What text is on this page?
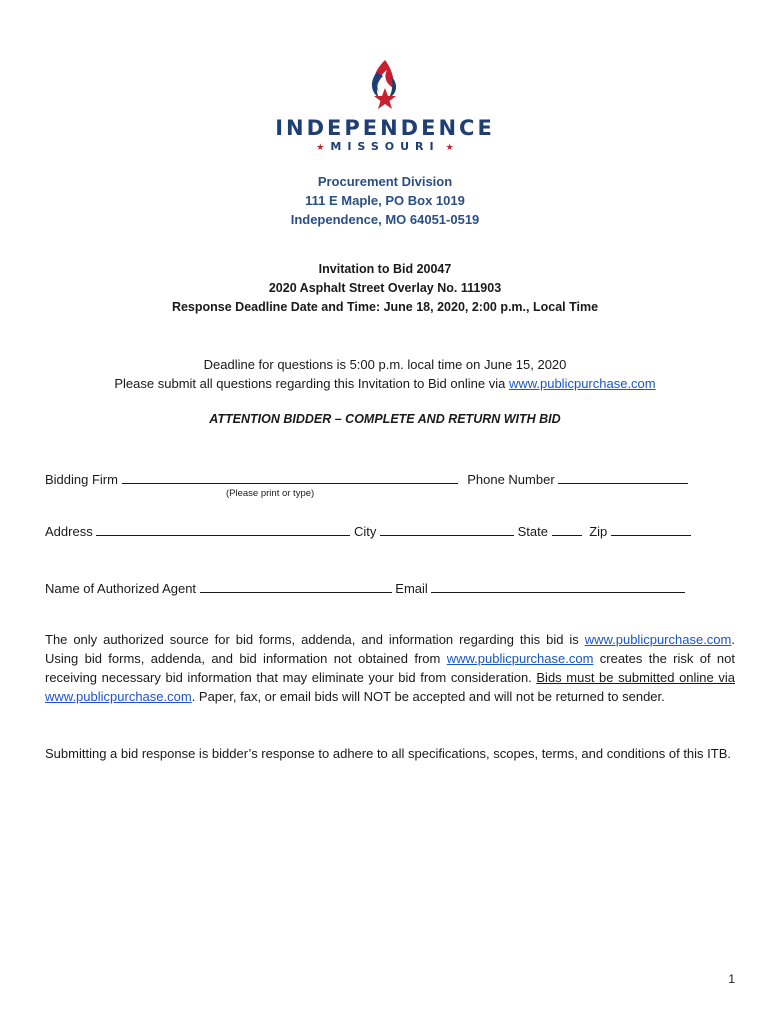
INDEPENDENCE
★ MISSOURI ★
Procurement Division
111 E Maple, PO Box 1019
Independence, MO 64051-0519
Invitation to Bid 20047
2020 Asphalt Street Overlay No. 111903
Response Deadline Date and Time: June 18, 2020, 2:00 p.m., Local Time
Deadline for questions is 5:00 p.m. local time on June 15, 2020
Please submit all questions regarding this Invitation to Bid online via www.publicpurchase.com
ATTENTION BIDDER – COMPLETE AND RETURN WITH BID
Bidding Firm	Phone Number
(Please print or type)
Address	City	State	Zip
Name of Authorized Agent	Email
The only authorized source for bid forms, addenda, and information regarding this bid is www.publicpurchase.com. Using bid forms, addenda, and bid information not obtained from www.publicpurchase.com creates the risk of not receiving necessary bid information that may eliminate your bid from consideration. Bids must be submitted online via www.publicpurchase.com. Paper, fax, or email bids will NOT be accepted and will not be returned to sender.
Submitting a bid response is bidder’s response to adhere to all specifications, scopes, terms, and conditions of this ITB.
1
